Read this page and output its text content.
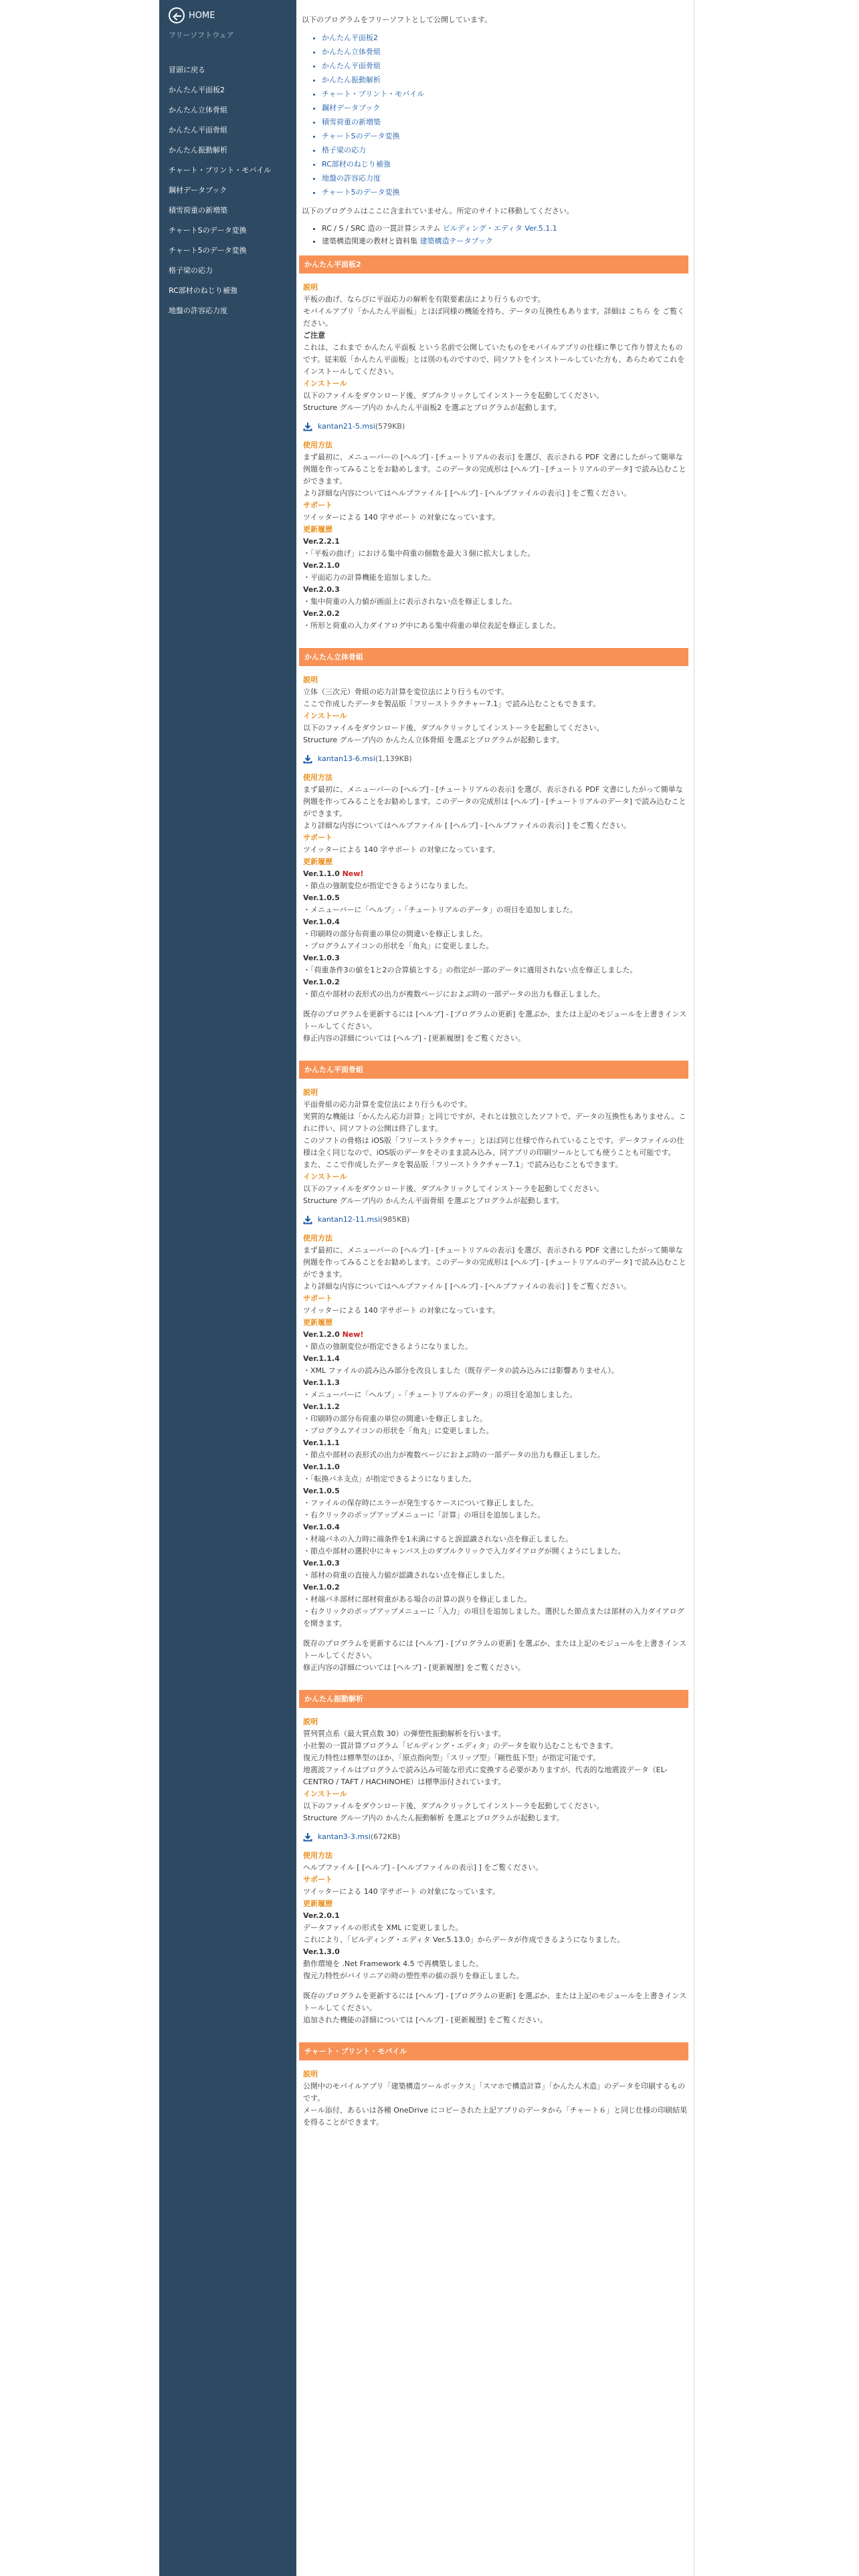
HOME
フリーソフトウェア
冒頭に戻る
かんたん平面板2
かんたん立体骨組
かんたん平面骨組
かんたん振動解析
チャート・プリント・モバイル
鋼材データブック
積雪荷重の新増築
チャートSのデータ変換
チャート5のデータ変換
格子梁の応力
RC部材のねじり補強
地盤の許容応力度
以下のプログラムをフリーソフトとして公開しています。
• かんたん平面板2
• かんたん立体骨組
• かんたん平面骨組
• かんたん振動解析
• チャート・プリント・モバイル
• 鋼材データブック
• 積雪荷重の新増築
• チャートSのデータ変換
• 格子梁の応力
• RC部材のねじり補強
• 地盤の許容応力度
• チャート5のデータ変換
以下のプログラムはここに含まれていません。所定のサイトに移動してください。
• RC / S / SRC 造の一貫計算システム ビルディング・エディタ Ver.5.1.1
• 建築構造関連の教材と資料集 建築構造テータブック
かんたん平面板2
説明
平板の曲げ、ならびに平面応力の解析を有限要素法により行うものです。
モバイルアプリ「かんたん平面板」とほぼ同様の機能を持ち、データの互換性もあります。詳細は こちら を ご覧ください。
ご注意
これは、これまで かんたん平面板 という名前で公開していたものをモバイルアプリの仕様に準じて作り替えたものです。従来版「かんたん平面板」とは別のものですので、同ソフトをインストールしていた方も、あらためてこれをインストールしてください。
インストール
以下のファイルをダウンロード後、ダブルクリックしてインストーラを起動してください。
Structure グループ内の かんたん平面板2 を選ぶとプログラムが起動します。
kantan21-5.msi (579KB)
使用方法
まず最初に、メニューバーの [ヘルプ] - [チュートリアルの表示] を選び、表示される PDF 文書にしたがって簡単な例題を作ってみることをお勧めします。このデータの完成形は [ヘルプ] - [チュートリアルのデータ] で読み込むことができます。
より詳細な内容についてはヘルプファイル [ [ヘルプ] - [ヘルプファイルの表示] ] をご覧ください。
サポート
ツイッターによる 140 字サポート の対象になっています。
更新履歴
Ver.2.2.1
・「平板の曲げ」における集中荷重の個数を最大３個に拡大しました。
Ver.2.1.0
・平面応力の計算機能を追加しました。
Ver.2.0.3
・集中荷重の入力値が画面上に表示されない点を修正しました。
Ver.2.0.2
・所形と荷重の入力ダイアログ中にある集中荷重の単位表記を修正しました。
かんたん立体骨組
説明
立体（三次元）骨組の応力計算を変位法により行うものです。
ここで作成したデータを製品版「フリーストラクチャー7.1」で読み込むこともできます。
インストール
以下のファイルをダウンロード後、ダブルクリックしてインストーラを起動してください。
Structure グループ内の かんたん立体骨組 を選ぶとプログラムが起動します。
kantan13-6.msi (1,139KB)
使用方法
まず最初に、メニューバーの [ヘルプ] - [チュートリアルの表示] を選び、表示される PDF 文書にしたがって簡単な例題を作ってみることをお勧めします。このデータの完成形は [ヘルプ] - [チュートリアルのデータ] で読み込むことができます。
より詳細な内容についてはヘルプファイル [ [ヘルプ] - [ヘルプファイルの表示] ] をご覧ください。
サポート
ツイッターによる 140 字サポート の対象になっています。
更新履歴
Ver.1.1.0 New!
・節点の強制変位が指定できるようになりました。
Ver.1.0.5
・メニューバーに「ヘルプ」-「チュートリアルのデータ」の項目を追加しました。
Ver.1.0.4
・印刷時の部分布荷重の単位の間違いを修正しました。
・プログラムアイコンの形状を「角丸」に変更しました。
Ver.1.0.3
・「荷重条件3の値を1と2の合算値とする」の指定が一部のデータに適用されない点を修正しました。
Ver.1.0.2
・節点や部材の表形式の出力が複数ページにおよぶ時の一部データの出力も修正しました。
既存のプログラムを更新するには [ヘルプ] - [プログラムの更新] を選ぶか、または上記のモジュールを上書きインストールしてください。
修正内容の詳細については [ヘルプ] - [更新履歴] をご覧ください。
かんたん平面骨組
説明
平面骨組の応力計算を変位法により行うものです。
実質的な機能は「かんたん応力計算」と同じですが、それとは独立したソフトで、データの互換性もありません。これに伴い、同ソフトの公開は終了します。
このソフトの骨格は iOS版「フリーストラクチャー」とほぼ同じ仕様で作られていることです。データファイルの仕様は全く同じなので、iOS版のデータをそのまま読み込み、同アプリの印刷ツールとしても使うことも可能です。
また、ここで作成したデータを製品版「フリーストラクチャー7.1」で読み込むこともできます。
インストール
以下のファイルをダウンロード後、ダブルクリックしてインストーラを起動してください。
Structure グループ内の かんたん平面骨組 を選ぶとプログラムが起動します。
kantan12-11.msi (985KB)
使用方法
まず最初に、メニューバーの [ヘルプ] - [チュートリアルの表示] を選び、表示される PDF 文書にしたがって簡単な例題を作ってみることをお勧めします。このデータの完成形は [ヘルプ] - [チュートリアルのデータ] で読み込むことができます。
より詳細な内容についてはヘルプファイル [ [ヘルプ] - [ヘルプファイルの表示] ] をご覧ください。
サポート
ツイッターによる 140 字サポート の対象になっています。
更新履歴
Ver.1.2.0 New!
・節点の強制変位が指定できるようになりました。
Ver.1.1.4
・XML ファイルの読み込み部分を改良しました（既存データの読み込みには影響ありません）。
Ver.1.1.3
・メニューバーに「ヘルプ」-「チュートリアルのデータ」の項目を追加しました。
Ver.1.1.2
・印刷時の部分布荷重の単位の間違いを修正しました。
・プログラムアイコンの形状を「角丸」に変更しました。
Ver.1.1.1
・節点や部材の表形式の出力が複数ページにおよぶ時の一部データの出力も修正しました。
Ver.1.1.0
・「転換バネ支点」が指定できるようになりました。
Ver.1.0.5
・ファイルの保存時にエラーが発生するケースについて修正しました。
・右クリックのポップアップメニューに「計算」の項目を追加しました。
Ver.1.0.4
・材端バネの入力時に端条件を1未満にすると誤認識されない点を修正しました。
・節点や部材の選択中にキャンバス上のダブルクリックで入力ダイアログが開くようにしました。
Ver.1.0.3
・部材の荷重の直接入力値が認識されない点を修正しました。
Ver.1.0.2
・材端バネ部材に部材荷重がある場合の計算の誤りを修正しました。
・右クリックのポップアップメニューに「入力」の項目を追加しました。選択した節点または部材の入力ダイアログを開きます。
既存のプログラムを更新するには [ヘルプ] - [プログラムの更新] を選ぶか、または上記のモジュールを上書きインストールしてください。
修正内容の詳細については [ヘルプ] - [更新履歴] をご覧ください。
かんたん振動解析
説明
質列質点系（最大質点数 30）の弾塑性振動解析を行います。
小社製の一貫計算プログラム「ビルディング・エディタ」のデータを取り込むこともできます。
復元力特性は標準型のほか、「原点指向型」「スリップ型」「剛性低下型」が指定可能です。
地震波ファイルはプログラムで読み込み可能な形式に変換する必要がありますが、代表的な地震波データ（EL-CENTRO / TAFT / HACHINOHE）は標準添付されています。
インストール
以下のファイルをダウンロード後、ダブルクリックしてインストーラを起動してください。
Structure グループ内の かんたん振動解析 を選ぶとプログラムが起動します。
kantan3-3.msi (672KB)
使用方法
ヘルプファイル [ [ヘルプ] - [ヘルプファイルの表示] ] をご覧ください。
サポート
ツイッターによる 140 字サポート の対象になっています。
更新履歴
Ver.2.0.1
データファイルの形式を XML に変更しました。
これにより、「ビルディング・エディタ Ver.5.13.0」からデータが作成できるようになりました。
Ver.1.3.0
動作環境を .Net Framework 4.5 で再構築しました。
復元力特性がバイリニアの時の塑性率の値の誤りを修正しました。
既存のプログラムを更新するには [ヘルプ] - [プログラムの更新] を選ぶか、または上記のモジュールを上書きインストールしてください。
追加された機能の詳細については [ヘルプ] - [更新履歴] をご覧ください。
チャート・プリント・モバイル
説明
公開中のモバイルアプリ「建築構造ツールボックス」「スマホで構造計算」「かんたん木造」のデータを印刷するものです。
メール添付、あるいは各種 OneDrive にコピーされた上記アプリのデータから「チャート６」と同じ仕様の印刷結果を得ることができます。
